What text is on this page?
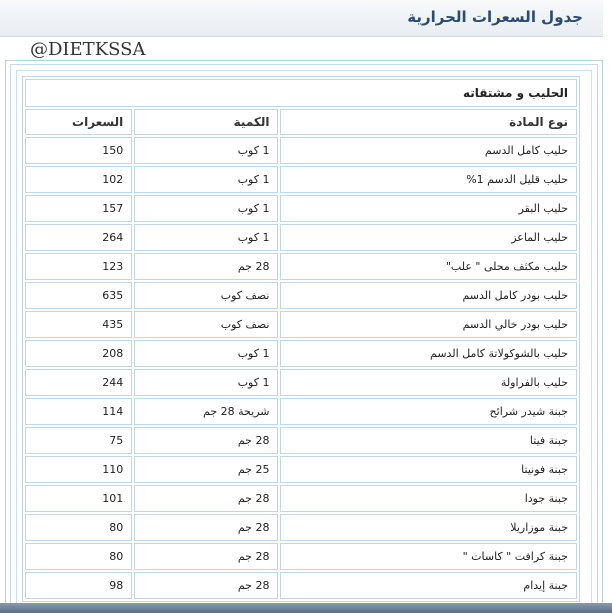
جدول السعرات الحرارية
@DIETKSSA
الحليب و مشتقاته		
نوع المادة	الكمية	السعرات
حليب كامل الدسم	1 كوب	150
حليب قليل الدسم 1%	1 كوب	102
حليب البقر	1 كوب	157
حليب الماعز	1 كوب	264
حليب مكثف محلى " علب"	28 جم	123
حليب بودر كامل الدسم	نصف كوب	635
حليب بودر خالي الدسم	نصف كوب	435
حليب بالشوكولاتة كامل الدسم	1 كوب	208
حليب بالفراولة	1 كوب	244
جبنة شيدر شرائح	شريحة 28 جم	114
جبنة فيتا	28 جم	75
جبنة فونيتا	25 جم	110
جبنة جودا	28 جم	101
جبنة موزاريلا	28 جم	80
جبنة كرافت " كاسات "	28 جم	80
جبنة إيدام	28 جم	98
